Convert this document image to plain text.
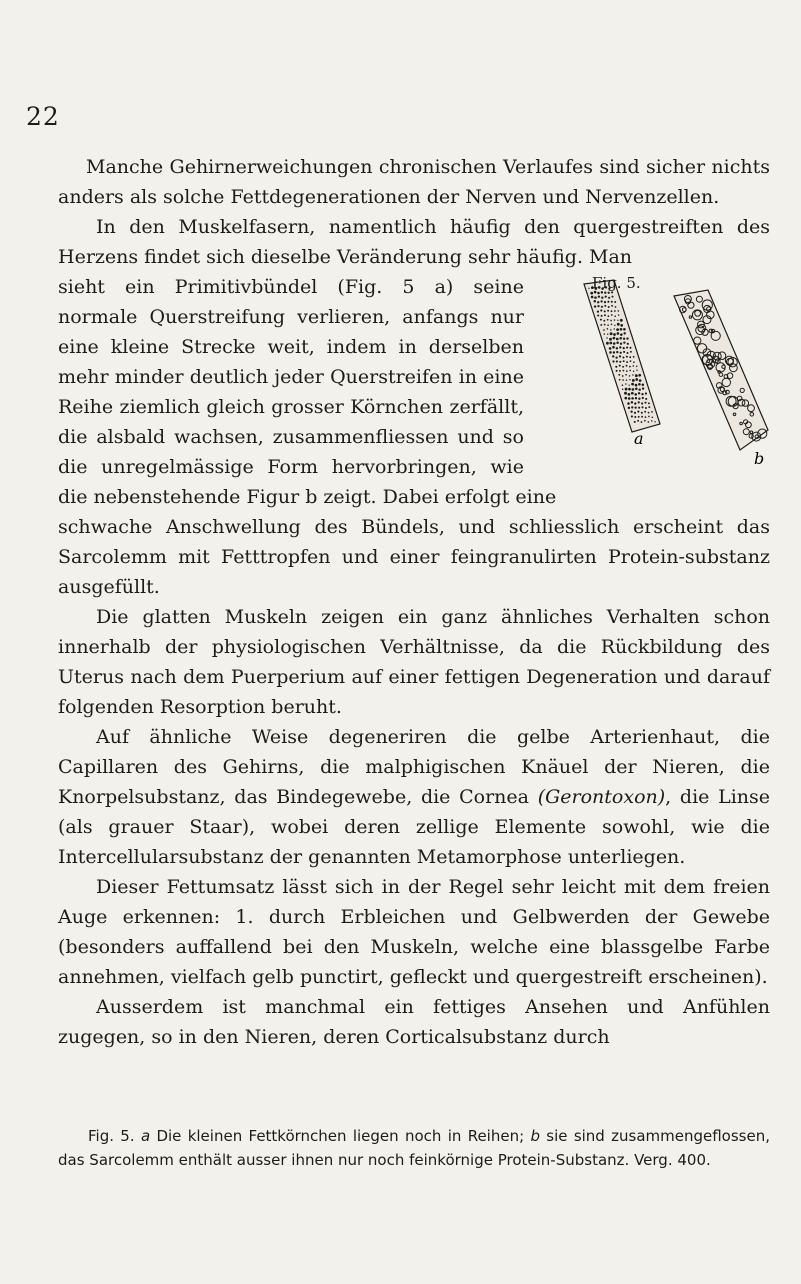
22

Manche Gehirnerweichungen chronischen Verlaufes sind sicher nichts anders als solche Fettdegenerationen der Nerven und Nervenzellen.

In den Muskelfasern, namentlich häufig den quergestreiften des Herzens findet sich dieselbe Veränderung sehr häufig. Man

Fig. 5.
a
b

sieht ein Primitivbündel (Fig. 5 a) seine normale Querstreifung verlieren, anfangs nur eine kleine Strecke weit, indem in derselben mehr minder deutlich jeder Querstreifen in eine Reihe ziemlich gleich grosser Körnchen zerfällt, die alsbald wachsen, zusammenfliessen und so die unregelmässige Form hervorbringen, wie die nebenstehende Figur b zeigt. Dabei erfolgt eine

schwache Anschwellung des Bündels, und schliesslich erscheint das Sarcolemm mit Fetttropfen und einer feingranulirten Protein-substanz ausgefüllt.

Die glatten Muskeln zeigen ein ganz ähnliches Verhalten schon innerhalb der physiologischen Verhältnisse, da die Rückbildung des Uterus nach dem Puerperium auf einer fettigen Degeneration und darauf folgenden Resorption beruht.

Auf ähnliche Weise degeneriren die gelbe Arterienhaut, die Capillaren des Gehirns, die malphigischen Knäuel der Nieren, die Knorpelsubstanz, das Bindegewebe, die Cornea (Gerontoxon), die Linse (als grauer Staar), wobei deren zellige Elemente sowohl, wie die Intercellularsubstanz der genannten Metamorphose unterliegen.

Dieser Fettumsatz lässt sich in der Regel sehr leicht mit dem freien Auge erkennen: 1. durch Erbleichen und Gelbwerden der Gewebe (besonders auffallend bei den Muskeln, welche eine blassgelbe Farbe annehmen, vielfach gelb punctirt, gefleckt und quergestreift erscheinen).

Ausserdem ist manchmal ein fettiges Ansehen und Anfühlen zugegen, so in den Nieren, deren Corticalsubstanz durch

Fig. 5. a Die kleinen Fettkörnchen liegen noch in Reihen; b sie sind zusammengeflossen, das Sarcolemm enthält ausser ihnen nur noch feinkörnige Protein-Substanz. Verg. 400.
